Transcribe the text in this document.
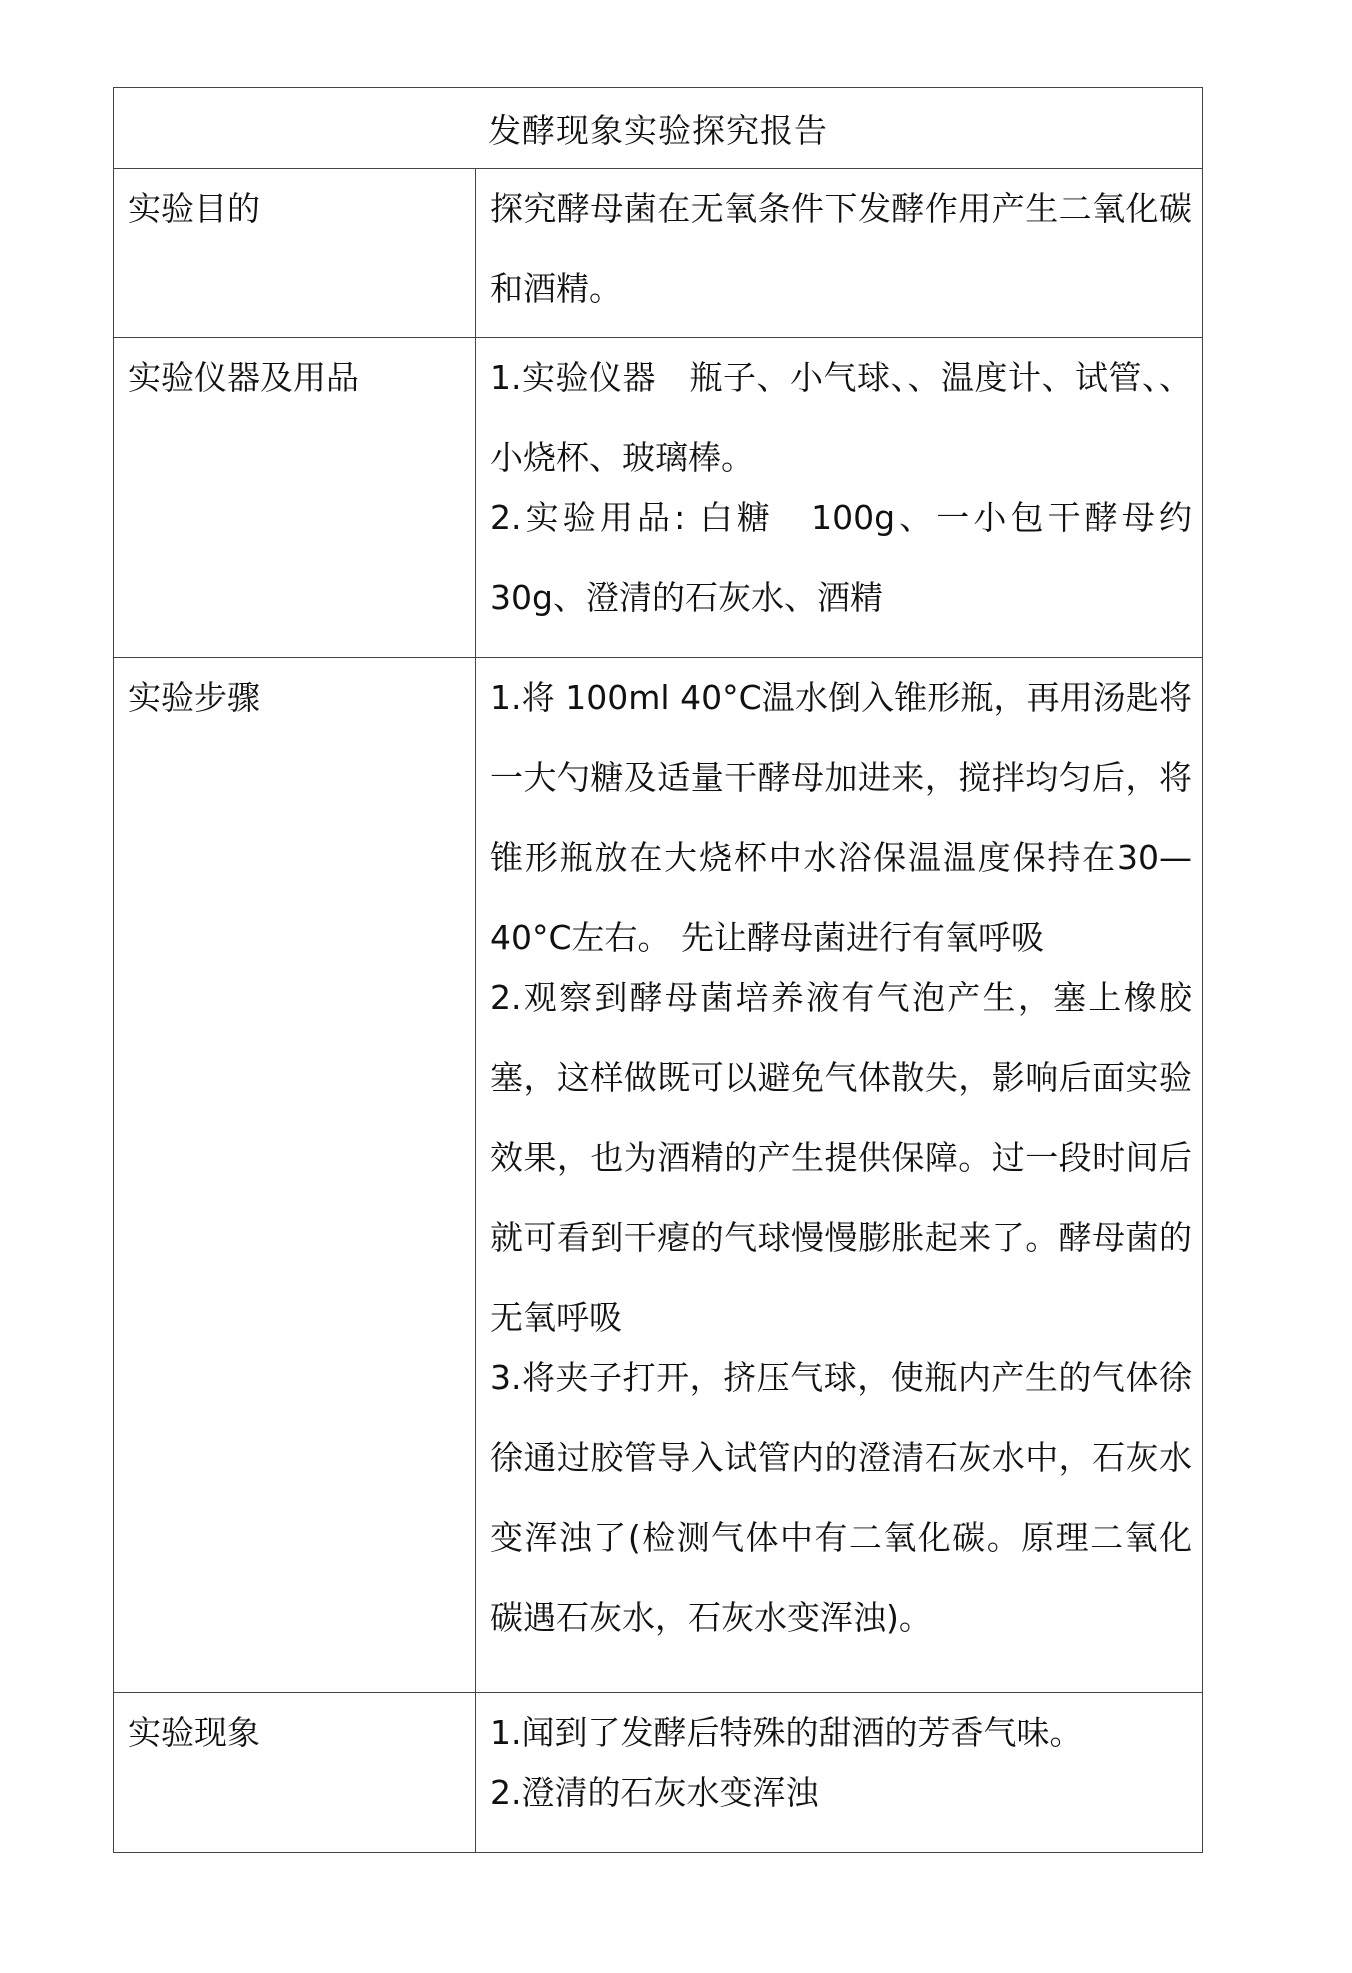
发酵现象实验探究报告	
实验目的	探究酵母菌在无氧条件下发酵作用产生二氧化碳和酒精。

实验仪器及用品	1.实验仪器　瓶子、小气球、、温度计、试管、、小烧杯、玻璃棒。
2.实验用品: 白糖　100g、一小包干酵母约 30g、澄清的石灰水、酒精

实验步骤	1.将 100ml 40°C温水倒入锥形瓶，再用汤匙将一大勺糖及适量干酵母加进来，搅拌均匀后，将锥形瓶放在大烧杯中水浴保温温度保持在30—40°C左右。 先让酵母菌进行有氧呼吸
2.观察到酵母菌培养液有气泡产生，塞上橡胶塞，这样做既可以避免气体散失，影响后面实验效果，也为酒精的产生提供保障。过一段时间后就可看到干瘪的气球慢慢膨胀起来了。酵母菌的无氧呼吸
3.将夹子打开，挤压气球，使瓶内产生的气体徐徐通过胶管导入试管内的澄清石灰水中，石灰水变浑浊了(检测气体中有二氧化碳。原理二氧化碳遇石灰水，石灰水变浑浊)。

实验现象	1.闻到了发酵后特殊的甜酒的芳香气味。
2.澄清的石灰水变浑浊
